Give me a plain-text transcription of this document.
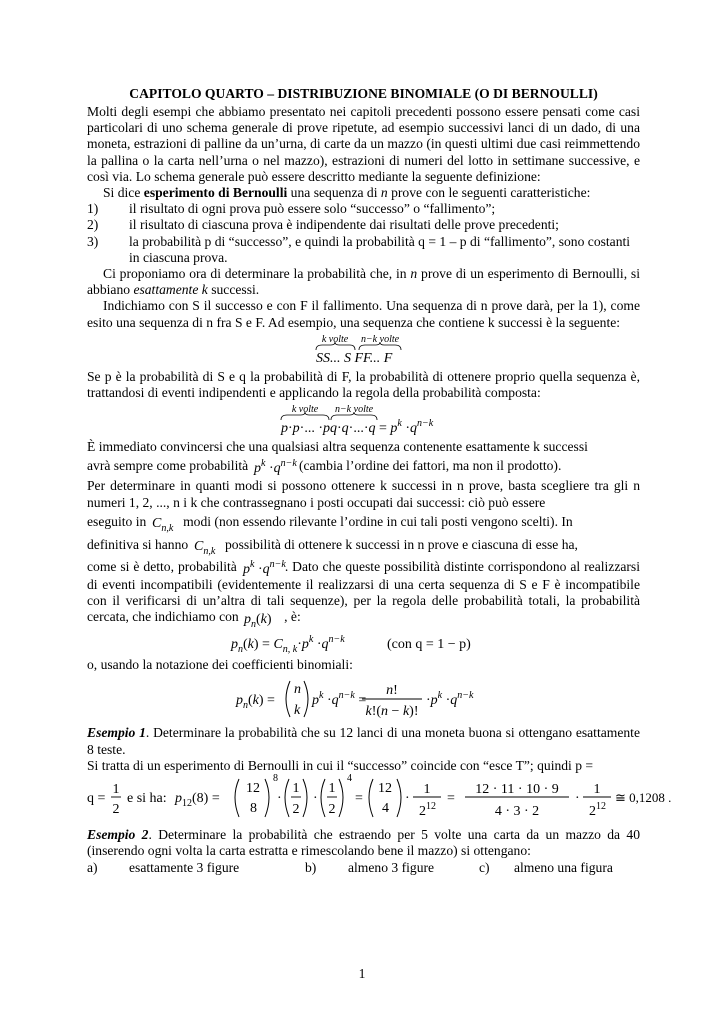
CAPITOLO QUARTO – DISTRIBUZIONE BINOMIALE (O DI BERNOULLI)

Molti degli esempi che abbiamo presentato nei capitoli precedenti possono essere pensati come casi particolari di uno schema generale di prove ripetute, ad esempio successivi lanci di un dado, di una moneta, estrazioni di palline da un’urna, di carte da un mazzo (in questi ultimi due casi reimmettendo la pallina o la carta nell’urna o nel mazzo), estrazioni di numeri del lotto in settimane successive, e così via. Lo schema generale può essere descritto mediante la seguente definizione:

Si dice esperimento di Bernoulli una sequenza di n prove con le seguenti caratteristiche:

1) il risultato di ogni prova può essere solo “successo” o “fallimento”;
2) il risultato di ciascuna prova è indipendente dai risultati delle prove precedenti;
3) la probabilità p di “successo”, e quindi la probabilità q = 1 – p di “fallimento”, sono costanti in ciascuna prova.

Ci proponiamo ora di determinare la probabilità che, in n prove di un esperimento di Bernoulli, si abbiano esattamente k successi.

Indichiamo con S il successo e con F il fallimento. Una sequenza di n prove darà, per la 1), come esito una sequenza di n fra S e F. Ad esempio, una sequenza che contiene k successi è la seguente:

k volte n−k volte
SS... S FF... F

Se p è la probabilità di S e q la probabilità di F, la probabilità di ottenere proprio quella sequenza è, trattandosi di eventi indipendenti e applicando la regola della probabilità composta:

k volte n−k volte
p·p·... $\cdot pq\cdot q\cdot...\cdot q = p^k \cdot q^{n-k}$

È immediato convincersi che una qualsiasi altra sequenza contenente esattamente k successi

avrà sempre come probabilità $p^k \cdot q^{n-k}$ (cambia l’ordine dei fattori, ma non il prodotto).

Per determinare in quanti modi si possono ottenere k successi in n prove, basta scegliere tra gli n numeri 1, 2, ..., n i k che contrassegnano i posti occupati dai successi: ciò può essere

eseguito in $C_{n,k}$ modi (non essendo rilevante l’ordine in cui tali posti vengono scelti). In

definitiva si hanno $C_{n,k}$ possibilità di ottenere k successi in n prove e ciascuna di esse ha,

come si è detto, probabilità $p^k \cdot q^{n-k}$ . Dato che queste possibilità distinte corrispondono al realizzarsi di eventi incompatibili (evidentemente il realizzarsi di una certa sequenza di S e F è incompatibile con il verificarsi di un’altra di tali sequenze), per la regola delle probabilità totali, la probabilità cercata, che indichiamo con $p_n(k)$ , è:

$p_n(k) = C_{n, k}\cdot p^k \cdot q^{n-k}$	(con q = 1 − p)

o, usando la notazione dei coefficienti binomiali:

$p_n(k)$ =
n
k
$p^k \cdot q^{n-k}$ =
n!
k!(n − k)!
$\cdot p^k \cdot q^{n-k}$

Esempio 1. Determinare la probabilità che su 12 lanci di una moneta buona si ottengano esattamente 8 teste.

Si tratta di un esperimento di Bernoulli in cui il “successo” coincide con “esce T”; quindi p =

q =
1
2
e si ha: $p_{12}(8)$ =
12
8
8
·
1
2
·
1
2
4
=
12
4
·
1
$2^{12}$
=
12 · 11 · 10 · 9
4 · 3 · 2
·
1
$2^{12}$
≅ 0,1208 .

Esempio 2. Determinare la probabilità che estraendo per 5 volte una carta da un mazzo da 40 (inserendo ogni volta la carta estratta e rimescolando bene il mazzo) si ottengano:

a)	esattamente 3 figure	b)	almeno 3 figure	c)	almeno una figura
1
